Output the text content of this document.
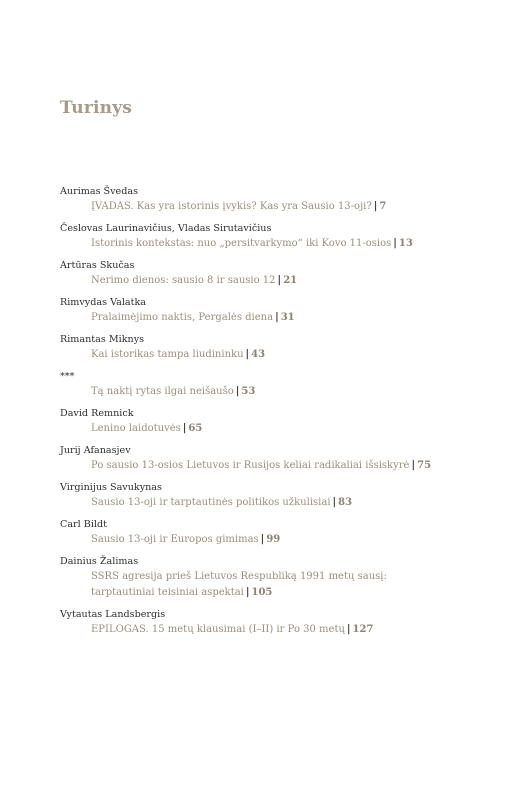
Turinys
Aurimas Švedas
ĮVADAS. Kas yra istorinis įvykis? Kas yra Sausio 13-oji? | 7
Česlovas Laurinavičius, Vladas Sirutavičius
Istorinis kontekstas: nuo „persitvarkymo“ iki Kovo 11-osios | 13
Artūras Skučas
Nerimo dienos: sausio 8 ir sausio 12 | 21
Rimvydas Valatka
Pralaimėjimo naktis, Pergalės diena | 31
Rimantas Miknys
Kai istorikas tampa liudininku | 43
***
Tą naktį rytas ilgai neišaušo | 53
David Remnick
Lenino laidotuvės | 65
Jurij Afanasjev
Po sausio 13-osios Lietuvos ir Rusijos keliai radikaliai išsiskyrė | 75
Virginijus Savukynas
Sausio 13-oji ir tarptautinės politikos užkulisiai | 83
Carl Bildt
Sausio 13-oji ir Europos gimimas | 99
Dainius Žalimas
SSRS agresija prieš Lietuvos Respubliką 1991 metų sausį:
tarptautiniai teisiniai aspektai | 105
Vytautas Landsbergis
EPILOGAS. 15 metų klausimai (I–II) ir Po 30 metų | 127
